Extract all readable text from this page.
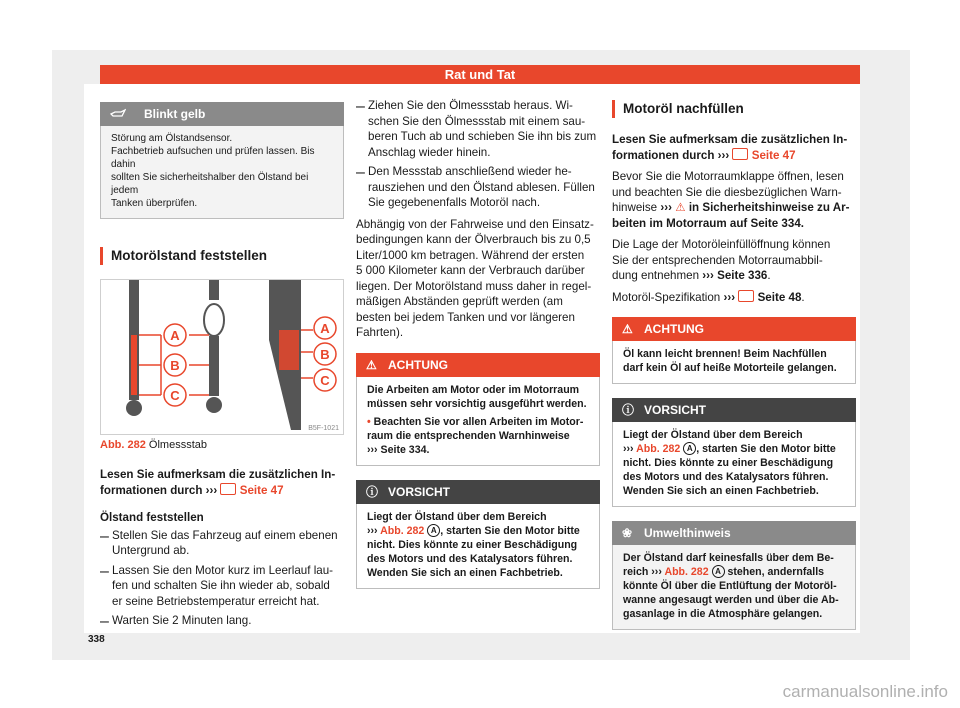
Rat und Tat
Blinkt gelb
Störung am Ölstandsensor.
Fachbetrieb aufsuchen und prüfen lassen. Bis dahin
sollten Sie sicherheitshalber den Ölstand bei jedem
Tanken überprüfen.
Motorölstand feststellen
A
B
C
A
B
C
B5F-1021
Abb. 282 Ölmessstab

Lesen Sie aufmerksam die zusätzlichen In-

formationen durch ››› Seite 47

Ölstand feststellen

– Stellen Sie das Fahrzeug auf einem ebenen

Untergrund ab.

– Lassen Sie den Motor kurz im Leerlauf lau-

fen und schalten Sie ihn wieder ab, sobald

er seine Betriebstemperatur erreicht hat.

– Warten Sie 2 Minuten lang.

– Ziehen Sie den Ölmessstab heraus. Wi-

schen Sie den Ölmessstab mit einem sau-

beren Tuch ab und schieben Sie ihn bis zum

Anschlag wieder hinein.

– Den Messstab anschließend wieder he-

rausziehen und den Ölstand ablesen. Füllen

Sie gegebenenfalls Motoröl nach.

Abhängig von der Fahrweise und den Einsatz-

bedingungen kann der Ölverbrauch bis zu 0,5

Liter/1000 km betragen. Während der ersten

5 000 Kilometer kann der Verbrauch darüber

liegen. Der Motorölstand muss daher in regel-

mäßigen Abständen geprüft werden (am

besten bei jedem Tanken und vor längeren

Fahrten).

⚠ ACHTUNG
Die Arbeiten am Motor oder im Motorraum
müssen sehr vorsichtig ausgeführt werden.
• Beachten Sie vor allen Arbeiten im Motor-
raum die entsprechenden Warnhinweise
››› Seite 334.
ⓘ VORSICHT
Liegt der Ölstand über dem Bereich
››› Abb. 282 A , starten Sie den Motor bitte
nicht. Dies könnte zu einer Beschädigung
des Motors und des Katalysators führen.
Wenden Sie sich an einen Fachbetrieb.
Motoröl nachfüllen

Lesen Sie aufmerksam die zusätzlichen In-

formationen durch ››› Seite 47

Bevor Sie die Motorraumklappe öffnen, lesen

und beachten Sie die diesbezüglichen Warn-

hinweise ››› ⚠ in Sicherheitshinweise zu Ar-

beiten im Motorraum auf Seite 334.

Die Lage der Motoröleinfüllöffnung können

Sie der entsprechenden Motorraumabbil-

dung entnehmen ››› Seite 336.

Motoröl-Spezifikation ››› Seite 48.

⚠ ACHTUNG
Öl kann leicht brennen! Beim Nachfüllen
darf kein Öl auf heiße Motorteile gelangen.
ⓘ VORSICHT
Liegt der Ölstand über dem Bereich
››› Abb. 282 A , starten Sie den Motor bitte
nicht. Dies könnte zu einer Beschädigung
des Motors und des Katalysators führen.
Wenden Sie sich an einen Fachbetrieb.
❀ Umwelthinweis
Der Ölstand darf keinesfalls über dem Be-
reich ››› Abb. 282 A stehen, andernfalls
könnte Öl über die Entlüftung der Motoröl-
wanne angesaugt werden und über die Ab-
gasanlage in die Atmosphäre gelangen.
338
carmanualsonline.info
